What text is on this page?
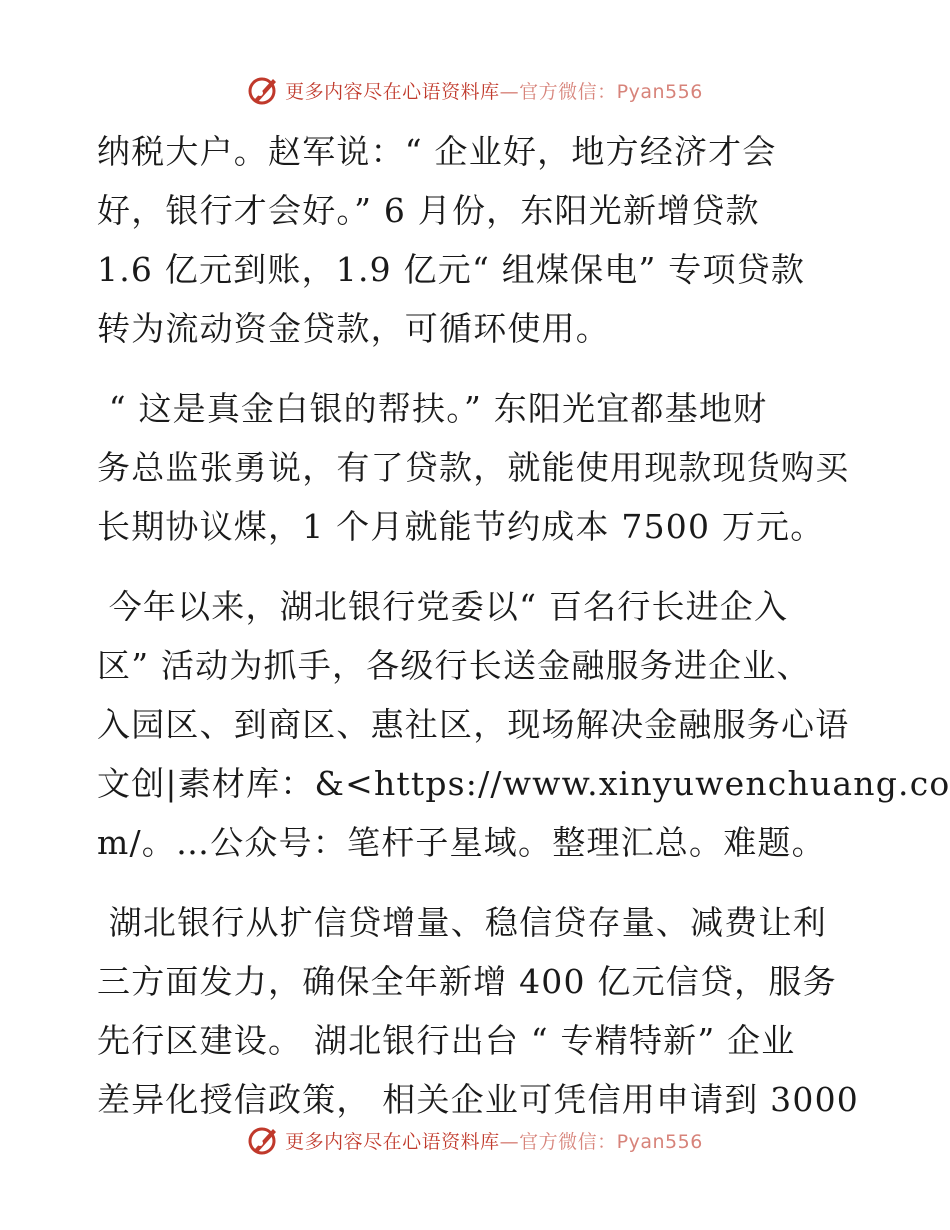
更多内容尽在心语资料库—官方微信：Pyan556
纳税大户。赵军说：“ 企业好，地方经济才会
好，银行才会好。” 6 月份，东阳光新增贷款
1.6 亿元到账，1.9 亿元“ 组煤保电” 专项贷款
转为流动资金贷款，可循环使用。
“ 这是真金白银的帮扶。” 东阳光宜都基地财
务总监张勇说，有了贷款，就能使用现款现货购买
长期协议煤，1 个月就能节约成本 7500 万元。
今年以来，湖北银行党委以“ 百名行长进企入
区” 活动为抓手，各级行长送金融服务进企业、
入园区、到商区、惠社区，现场解决金融服务心语
文创|素材库：&<https://www.xinyuwenchuang.co
m/。…公众号：笔杆子星域。整理汇总。难题。
湖北银行从扩信贷增量、稳信贷存量、减费让利
三方面发力，确保全年新增 400 亿元信贷，服务
先行区建设。 湖北银行出台 “ 专精特新” 企业
差异化授信政策， 相关企业可凭信用申请到 3000
更多内容尽在心语资料库—官方微信：Pyan556
